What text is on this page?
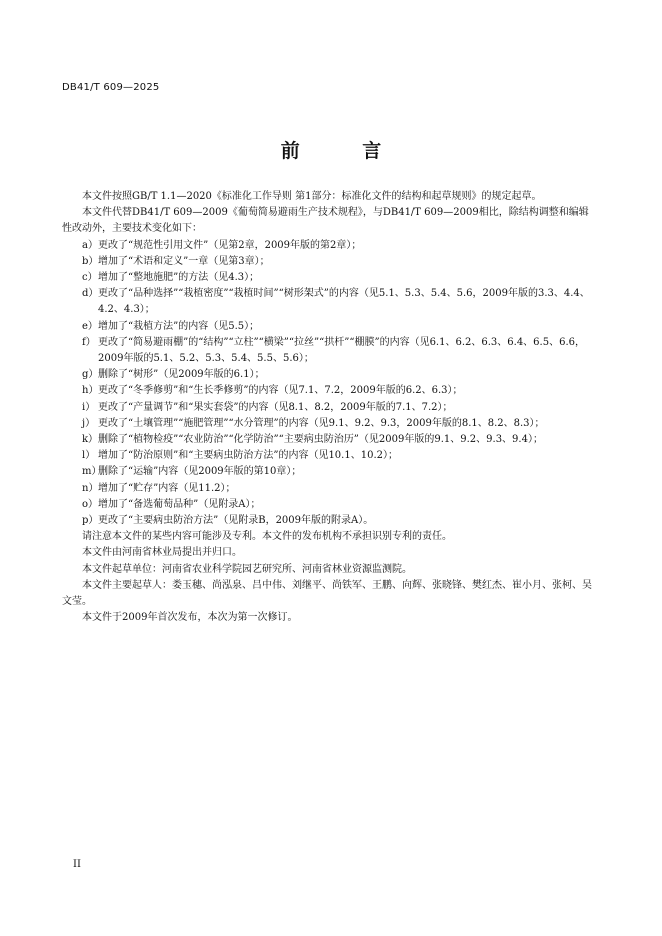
DB41/T 609—2025
前 言

本文件按照GB/T 1.1—2020《标准化工作导则 第1部分：标准化文件的结构和起草规则》的规定起草。

本文件代替DB41/T 609—2009《葡萄简易避雨生产技术规程》，与DB41/T 609—2009相比，除结构调整和编辑性改动外，主要技术变化如下：

a） 更改了“规范性引用文件”（见第2章，2009年版的第2章）；

b） 增加了“术语和定义”一章（见第3章）；

c） 增加了“整地施肥”的方法（见4.3）；

d） 更改了“品种选择”“栽植密度”“栽植时间”“树形架式”的内容（见5.1、5.3、5.4、5.6，2009年版的3.3、4.4、4.2、4.3）；

e） 增加了“栽植方法”的内容（见5.5）；

f） 更改了“简易避雨棚”的“结构”“立柱”“横梁”“拉丝”“拱杆”“棚膜”的内容（见6.1、6.2、6.3、6.4、6.5、6.6，2009年版的5.1、5.2、5.3、5.4、5.5、5.6）；

g） 删除了“树形”（见2009年版的6.1）；

h） 更改了“冬季修剪”和“生长季修剪”的内容（见7.1、7.2，2009年版的6.2、6.3）；

i） 更改了“产量调节”和“果实套袋”的内容（见8.1、8.2，2009年版的7.1、7.2）；

j） 更改了“土壤管理”“施肥管理”“水分管理”的内容（见9.1、9.2、9.3，2009年版的8.1、8.2、8.3）；

k） 删除了“植物检疫”“农业防治”“化学防治”“主要病虫防治历”（见2009年版的9.1、9.2、9.3、9.4）；

l） 增加了“防治原则”和“主要病虫防治方法”的内容（见10.1、10.2）；

m）
删除了“运输”内容（见2009年版的第10章）；

n） 增加了“贮存”内容（见11.2）；

o） 增加了“备选葡萄品种”（见附录A）；

p） 更改了“主要病虫防治方法”（见附录B，2009年版的附录A）。

请注意本文件的某些内容可能涉及专利。本文件的发布机构不承担识别专利的责任。

本文件由河南省林业局提出并归口。

本文件起草单位：河南省农业科学院园艺研究所、河南省林业资源监测院。

本文件主要起草人：娄玉穗、尚泓泉、吕中伟、刘继平、尚铁军、王鹏、向辉、张晓锋、樊红杰、崔小月、张柯、吴文莹。

本文件于2009年首次发布，本次为第一次修订。

II
